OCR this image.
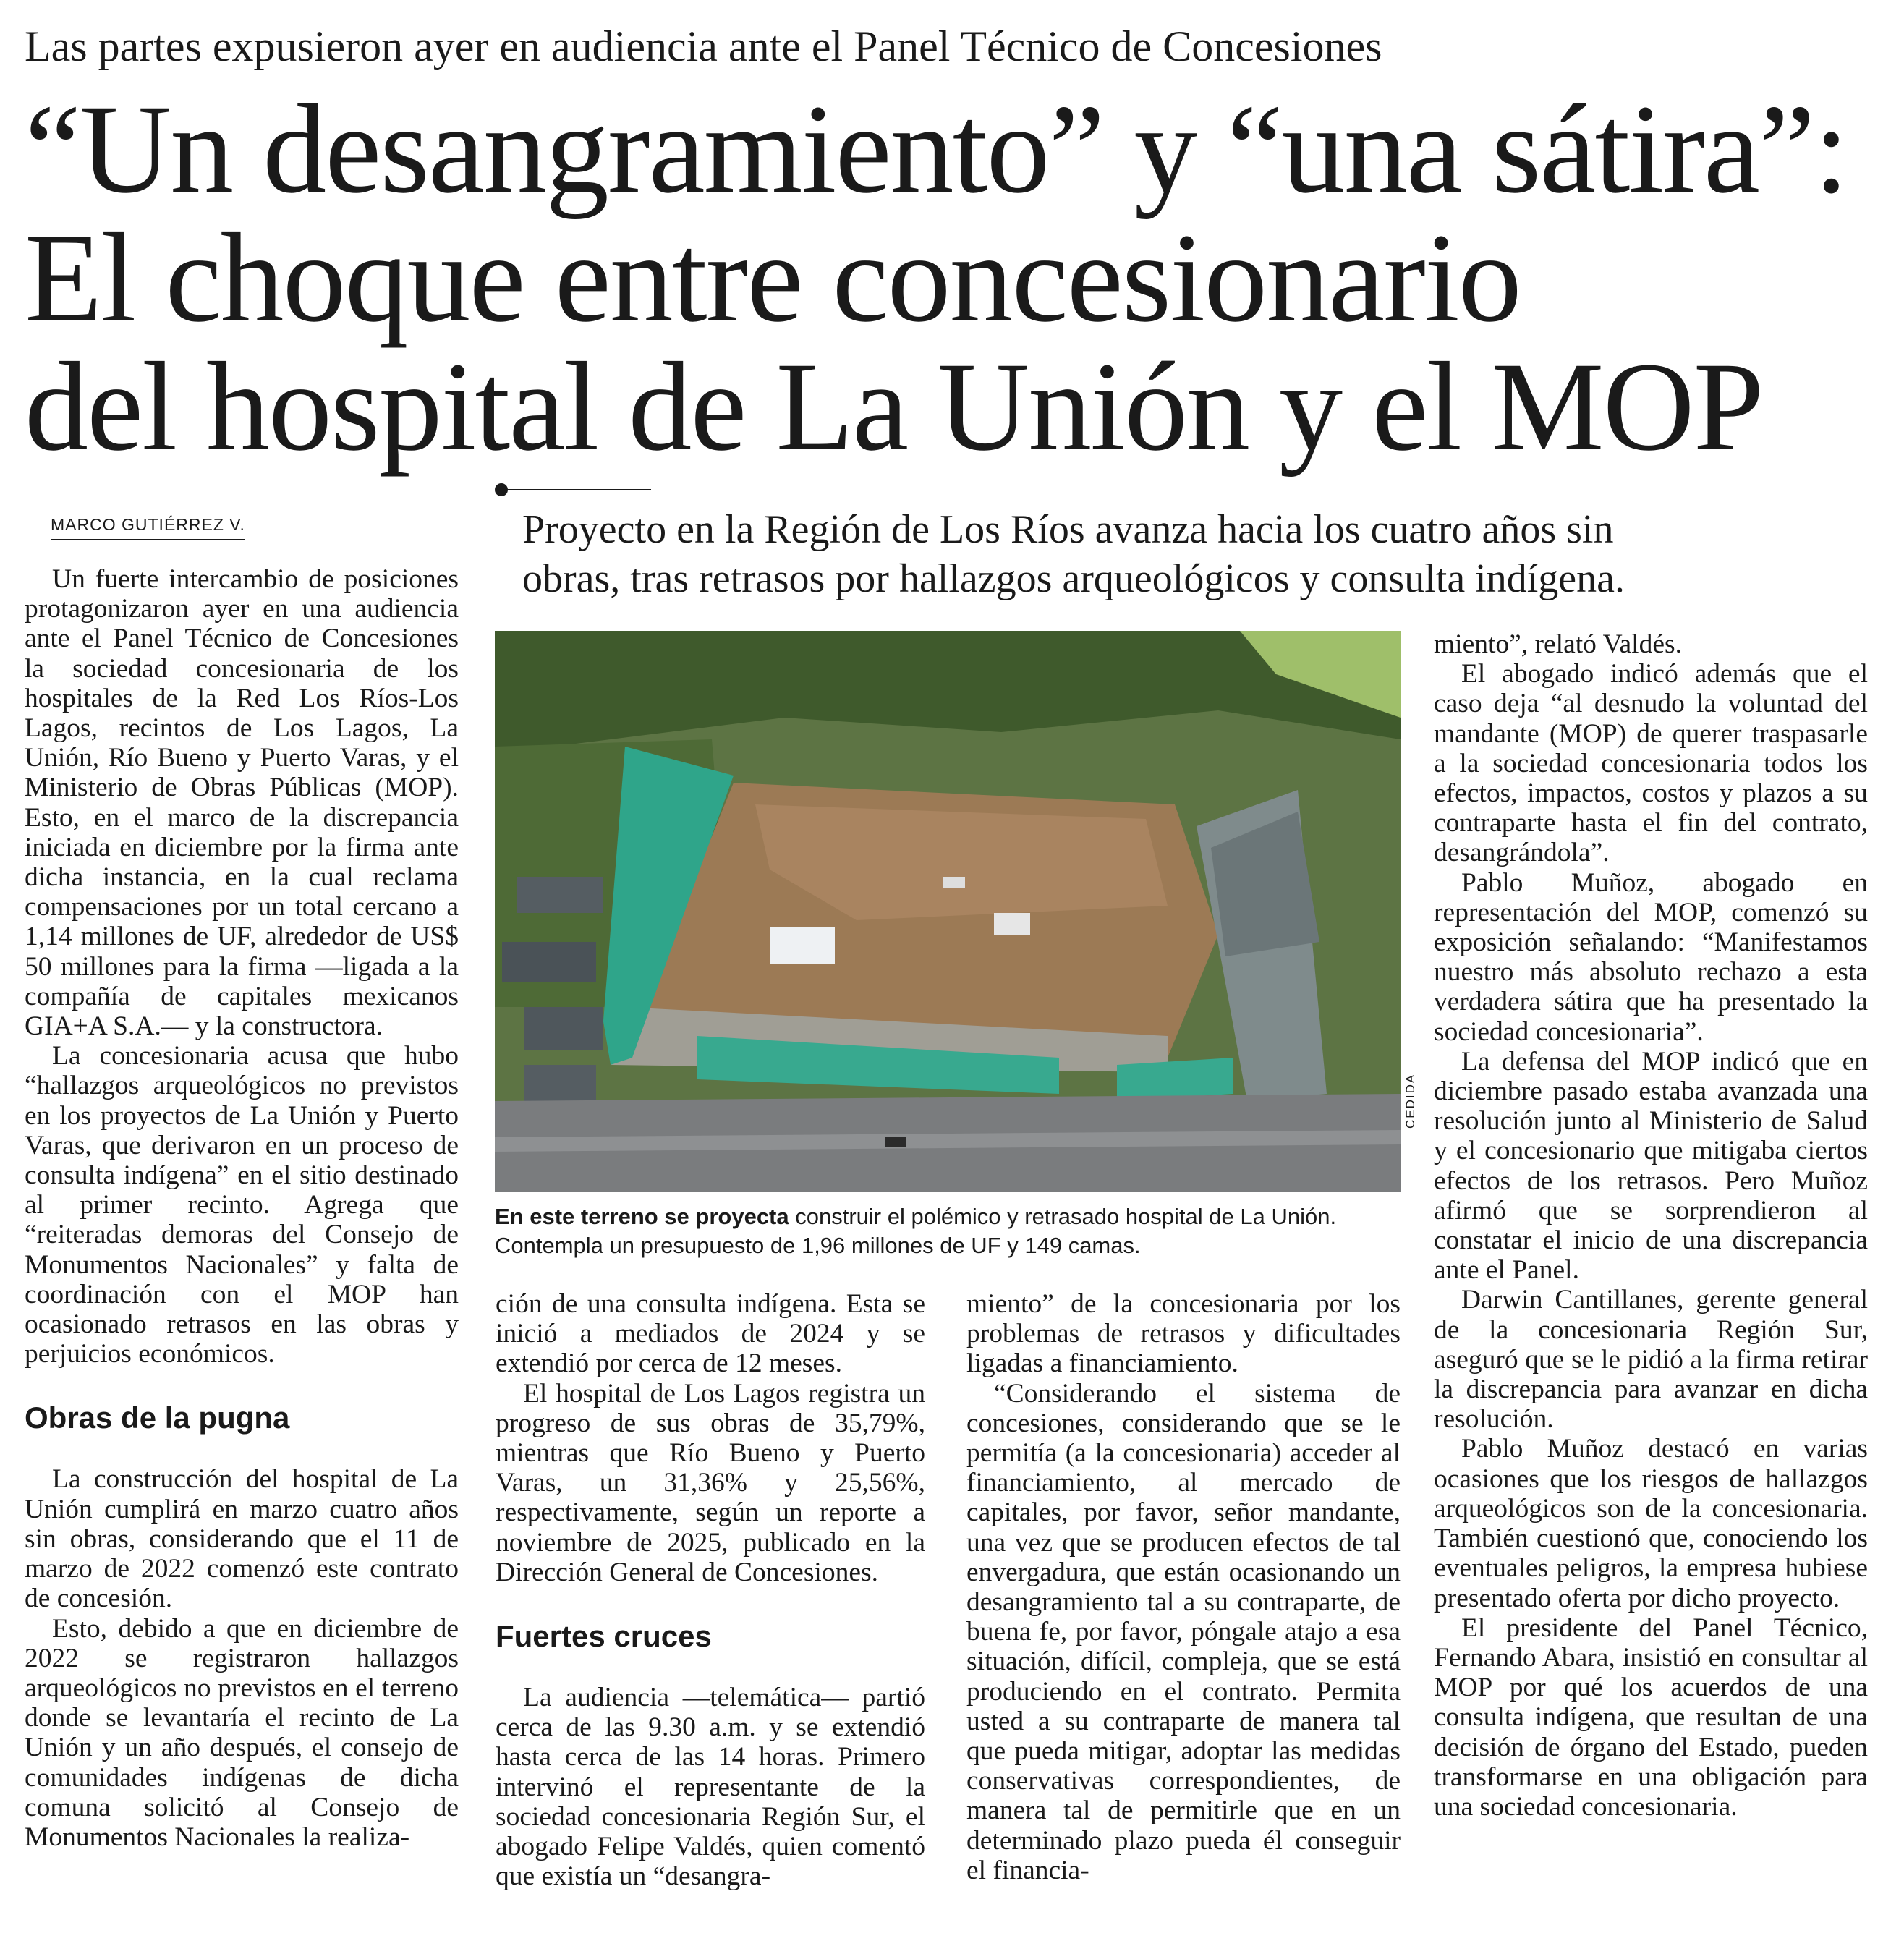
Las partes expusieron ayer en audiencia ante el Panel Técnico de Concesiones
“Un desangramiento” y “una sátira”:
El choque entre concesionario
del hospital de La Unión y el MOP
MARCO GUTIÉRREZ V.	Proyecto en la Región de Los Ríos avanza hacia los cuatro años sin
obras, tras retrasos por hallazgos arqueológicos y consulta indígena.

Un fuerte intercambio de posiciones protagonizaron ayer en una audiencia ante el Panel Técnico de Concesiones la sociedad concesionaria de los hospitales de la Red Los Ríos-Los Lagos, recintos de Los Lagos, La Unión, Río Bueno y Puerto Varas, y el Ministerio de Obras Públicas (MOP). Esto, en el marco de la discrepancia iniciada en diciembre por la firma ante dicha instancia, en la cual reclama compensaciones por un total cercano a 1,14 millones de UF, alrededor de US$ 50 millones para la firma —ligada a la compañía de capitales mexicanos GIA+A S.A.— y la constructora.

La concesionaria acusa que hubo “hallazgos arqueológicos no previstos en los proyectos de La Unión y Puerto Varas, que derivaron en un proceso de consulta indígena” en el sitio destinado al primer recinto. Agrega que “reiteradas demoras del Consejo de Monumentos Nacionales” y falta de coordinación con el MOP han ocasionado retrasos en las obras y perjuicios económicos.

Obras de la pugna

La construcción del hospital de La Unión cumplirá en marzo cuatro años sin obras, considerando que el 11 de marzo de 2022 comenzó este contrato de concesión.

Esto, debido a que en diciembre de 2022 se registraron hallazgos arqueológicos no previstos en el terreno donde se levantaría el recinto de La Unión y un año después, el consejo de comunidades indígenas de dicha comuna solicitó al Consejo de Monumentos Nacionales la realiza-

CEDIDA
En este terreno se proyecta construir el polémico y retrasado hospital de La Unión. Contempla un presupuesto de 1,96 millones de UF y 149 camas.

ción de una consulta indígena. Esta se inició a mediados de 2024 y se extendió por cerca de 12 meses.

El hospital de Los Lagos registra un progreso de sus obras de 35,79%, mientras que Río Bueno y Puerto Varas, un 31,36% y 25,56%, respectivamente, según un reporte a noviembre de 2025, publicado en la Dirección General de Concesiones.

Fuertes cruces

La audiencia —telemática— partió cerca de las 9.30 a.m. y se extendió hasta cerca de las 14 horas. Primero intervinó el representante de la sociedad concesionaria Región Sur, el abogado Felipe Valdés, quien comentó que existía un “desangra-

miento” de la concesionaria por los problemas de retrasos y dificultades ligadas a financiamiento.

“Considerando el sistema de concesiones, considerando que se le permitía (a la concesionaria) acceder al financiamiento, al mercado de capitales, por favor, señor mandante, una vez que se producen efectos de tal envergadura, que están ocasionando un desangramiento tal a su contraparte, de buena fe, por favor, póngale atajo a esa situación, difícil, compleja, que se está produciendo en el contrato. Permita usted a su contraparte de manera tal que pueda mitigar, adoptar las medidas conservativas correspondientes, de manera tal de permitirle que en un determinado plazo pueda él conseguir el financia-

miento”, relató Valdés.

El abogado indicó además que el caso deja “al desnudo la voluntad del mandante (MOP) de querer traspasarle a la sociedad concesionaria todos los efectos, impactos, costos y plazos a su contraparte hasta el fin del contrato, desangrándola”.

Pablo Muñoz, abogado en representación del MOP, comenzó su exposición señalando: “Manifestamos nuestro más absoluto rechazo a esta verdadera sátira que ha presentado la sociedad concesionaria”.

La defensa del MOP indicó que en diciembre pasado estaba avanzada una resolución junto al Ministerio de Salud y el concesionario que mitigaba ciertos efectos de los retrasos. Pero Muñoz afirmó que se sorprendieron al constatar el inicio de una discrepancia ante el Panel.

Darwin Cantillanes, gerente general de la concesionaria Región Sur, aseguró que se le pidió a la firma retirar la discrepancia para avanzar en dicha resolución.

Pablo Muñoz destacó en varias ocasiones que los riesgos de hallazgos arqueológicos son de la concesionaria. También cuestionó que, conociendo los eventuales peligros, la empresa hubiese presentado oferta por dicho proyecto.

El presidente del Panel Técnico, Fernando Abara, insistió en consultar al MOP por qué los acuerdos de una consulta indígena, que resultan de una decisión de órgano del Estado, pueden transformarse en una obligación para una sociedad concesionaria.
